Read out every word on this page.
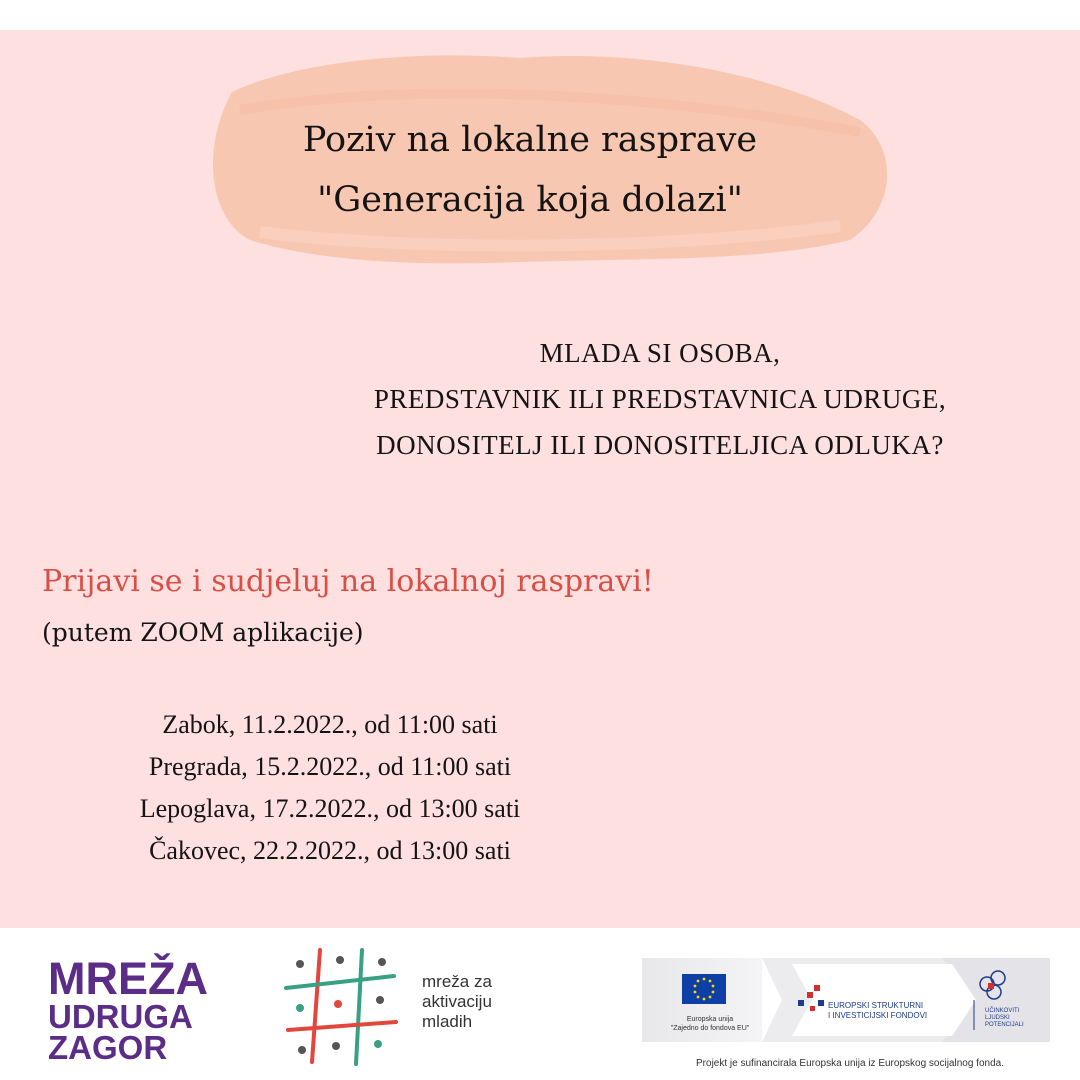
Poziv na lokalne rasprave
"Generacija koja dolazi"
MLADA SI OSOBA,
PREDSTAVNIK ILI PREDSTAVNICA UDRUGE,
DONOSITELJ ILI DONOSITELJICA ODLUKA?
Prijavi se i sudjeluj na lokalnoj raspravi!
(putem ZOOM aplikacije)
Zabok, 11.2.2022., od 11:00 sati
Pregrada, 15.2.2022., od 11:00 sati
Lepoglava, 17.2.2022., od 13:00 sati
Čakovec, 22.2.2022., od 13:00 sati
MREŽA
UDRUGA
ZAGOR
mreža za
aktivaciju
mladih	Europska unija
"Zajedno do fondova EU"
EUROPSKI STRUKTURNI
I INVESTICIJSKI FONDOVI	UČINKOVITI
LJUDSKI
POTENCIJALI
Projekt je sufinancirala Europska unija iz Europskog socijalnog fonda.
